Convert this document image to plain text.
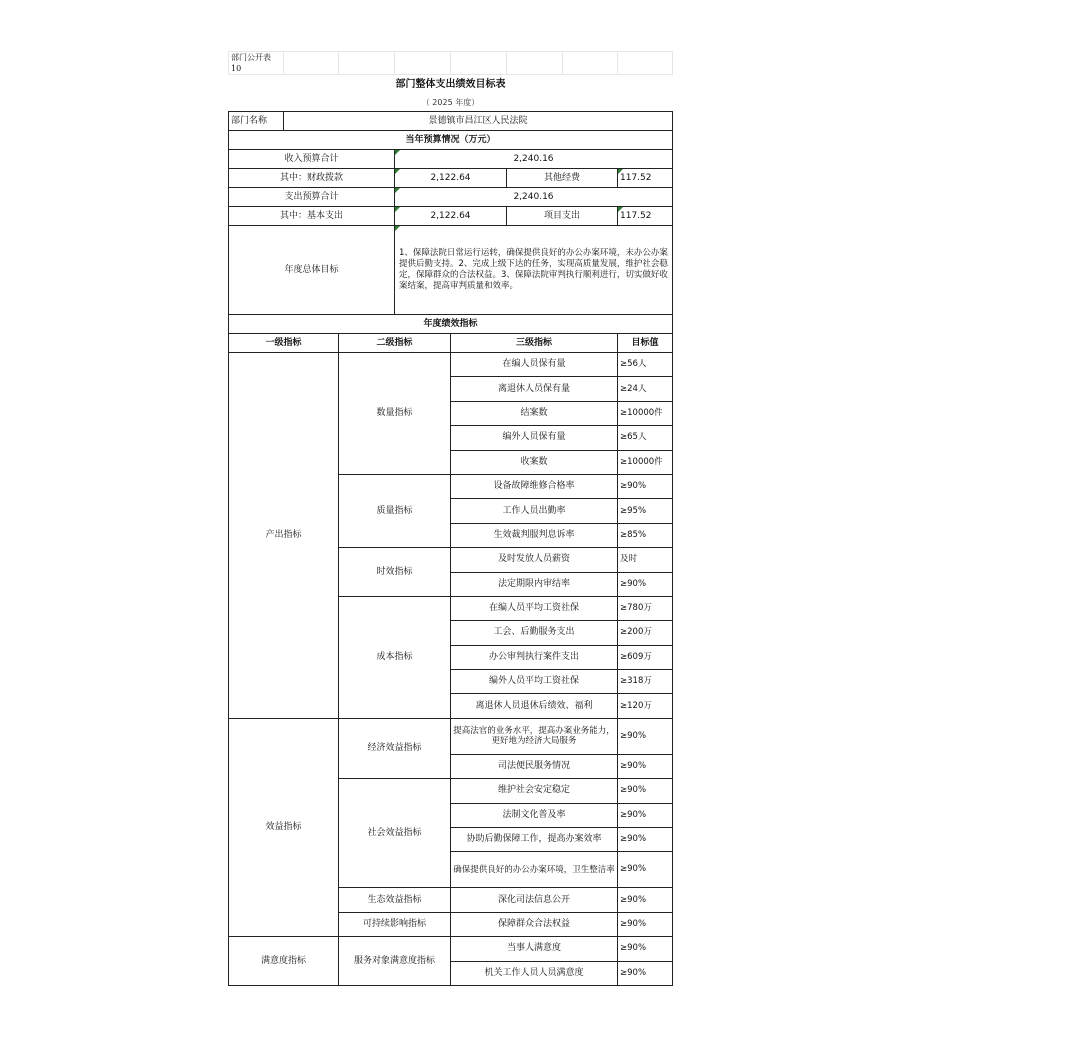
部门公开表10							
部门整体支出绩效目标表							
（ 2025 年度）							
部门名称	景德镇市昌江区人民法院						
当年预算情况（万元）							
收入预算合计			2,240.16				
其中：财政拨款			2,122.64		其他经费		117.52
支出预算合计			2,240.16				
其中：基本支出			2,122.64		项目支出		117.52
年度总体目标			1、保障法院日常运行运转，确保提供良好的办公办案环境，未办公办案提供后勤支持。2、完成上级下达的任务，实现高质量发展，维护社会稳定，保障群众的合法权益。3、保障法院审判执行顺利进行，切实做好收案结案，提高审判质量和效率。				
年度绩效指标							
一级指标		二级指标		三级指标			目标值
产出指标		数量指标		在编人员保有量			≥56人
				离退休人员保有量			≥24人
				结案数			≥10000件
				编外人员保有量			≥65人
				收案数			≥10000件
		质量指标		设备故障维修合格率			≥90%
				工作人员出勤率			≥95%
				生效裁判服判息诉率			≥85%
		时效指标		及时发放人员薪资			及时
				法定期限内审结率			≥90%
		成本指标		在编人员平均工资社保			≥780万
				工会、后勤服务支出			≥200万
				办公审判执行案件支出			≥609万
				编外人员平均工资社保			≥318万
				离退休人员退休后绩效、福利			≥120万
效益指标		经济效益指标		提高法官的业务水平，提高办案业务能力，更好地为经济大局服务			≥90%
				司法便民服务情况			≥90%
		社会效益指标		维护社会安定稳定			≥90%
				法制文化普及率			≥90%
				协助后勤保障工作，提高办案效率			≥90%
				确保提供良好的办公办案环境，卫生整洁率			≥90%
		生态效益指标		深化司法信息公开			≥90%
		可持续影响指标		保障群众合法权益			≥90%
满意度指标		服务对象满意度指标		当事人满意度			≥90%
				机关工作人员人员满意度			≥90%
